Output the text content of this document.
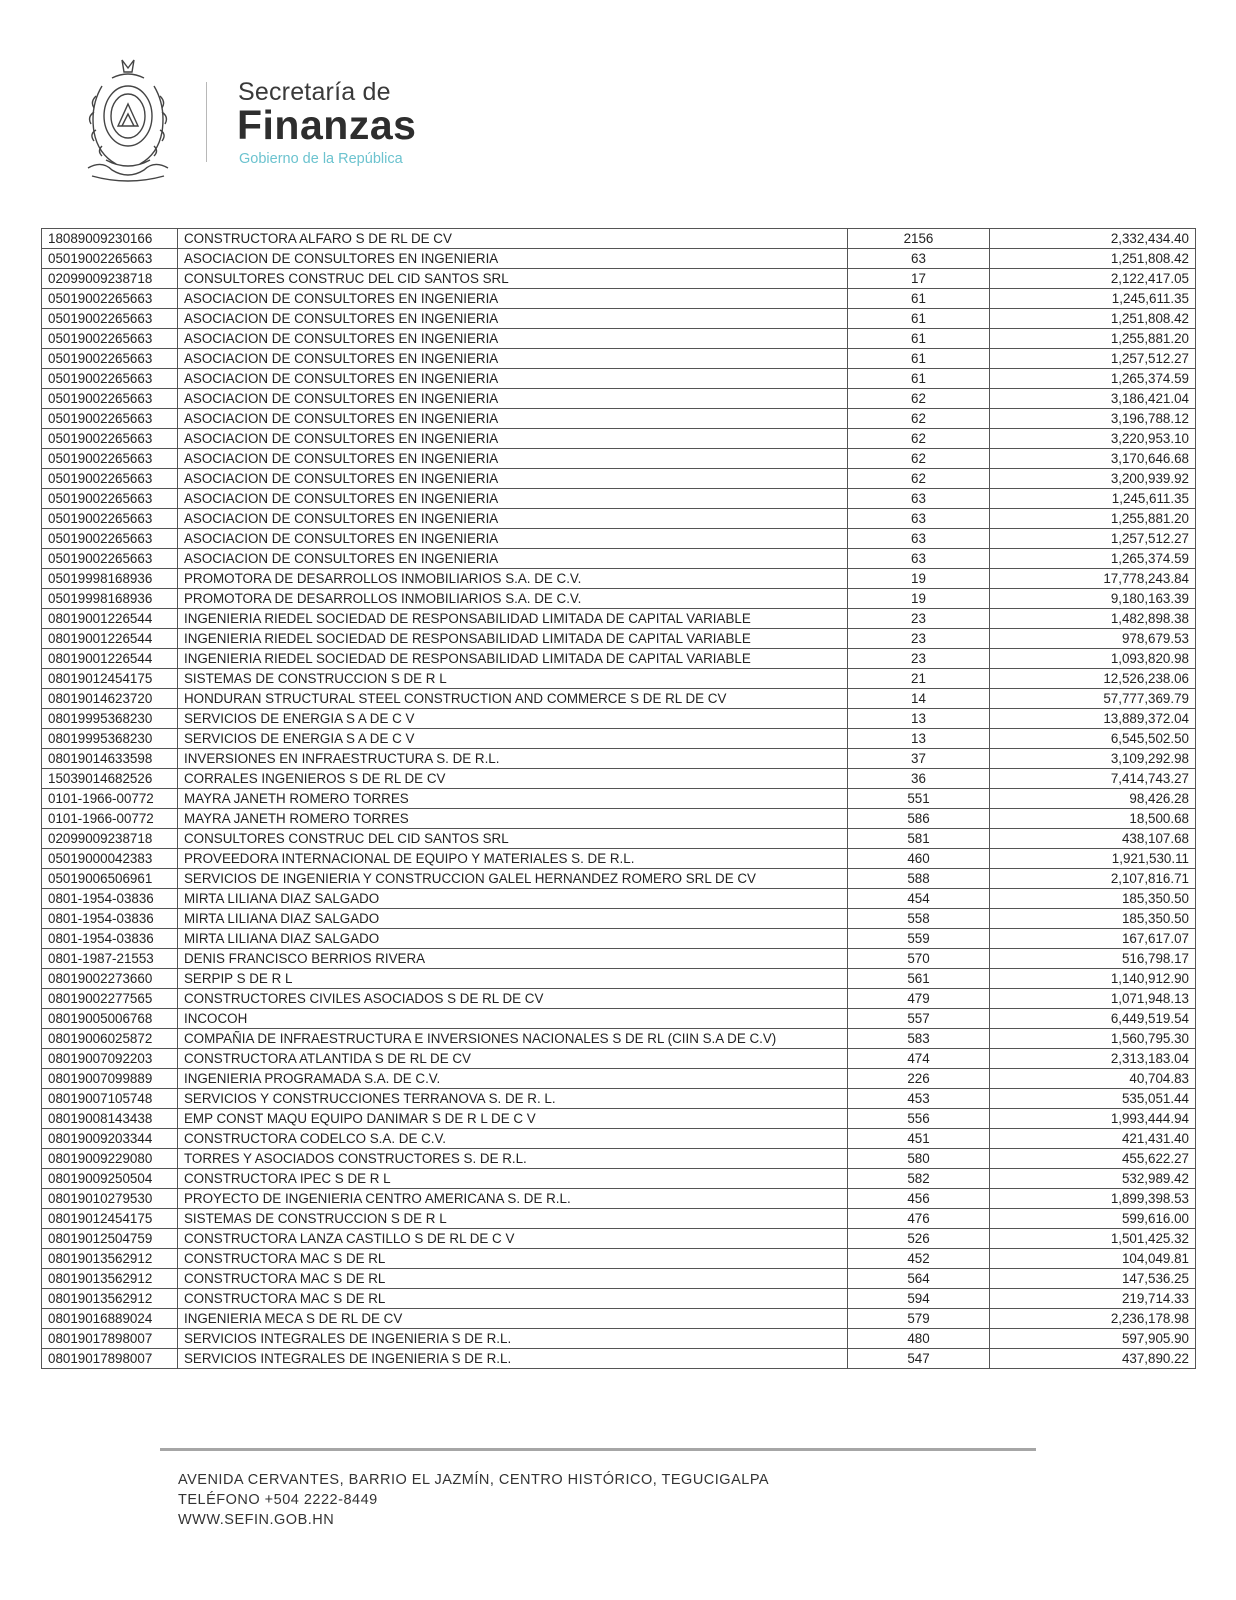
Secretaría de
Finanzas
Gobierno de la República
18089009230166	CONSTRUCTORA ALFARO S DE RL DE CV	2156	2,332,434.40
05019002265663	ASOCIACION DE CONSULTORES EN INGENIERIA	63	1,251,808.42
02099009238718	CONSULTORES CONSTRUC DEL CID SANTOS SRL	17	2,122,417.05
05019002265663	ASOCIACION DE CONSULTORES EN INGENIERIA	61	1,245,611.35
05019002265663	ASOCIACION DE CONSULTORES EN INGENIERIA	61	1,251,808.42
05019002265663	ASOCIACION DE CONSULTORES EN INGENIERIA	61	1,255,881.20
05019002265663	ASOCIACION DE CONSULTORES EN INGENIERIA	61	1,257,512.27
05019002265663	ASOCIACION DE CONSULTORES EN INGENIERIA	61	1,265,374.59
05019002265663	ASOCIACION DE CONSULTORES EN INGENIERIA	62	3,186,421.04
05019002265663	ASOCIACION DE CONSULTORES EN INGENIERIA	62	3,196,788.12
05019002265663	ASOCIACION DE CONSULTORES EN INGENIERIA	62	3,220,953.10
05019002265663	ASOCIACION DE CONSULTORES EN INGENIERIA	62	3,170,646.68
05019002265663	ASOCIACION DE CONSULTORES EN INGENIERIA	62	3,200,939.92
05019002265663	ASOCIACION DE CONSULTORES EN INGENIERIA	63	1,245,611.35
05019002265663	ASOCIACION DE CONSULTORES EN INGENIERIA	63	1,255,881.20
05019002265663	ASOCIACION DE CONSULTORES EN INGENIERIA	63	1,257,512.27
05019002265663	ASOCIACION DE CONSULTORES EN INGENIERIA	63	1,265,374.59
05019998168936	PROMOTORA DE DESARROLLOS INMOBILIARIOS S.A. DE C.V.	19	17,778,243.84
05019998168936	PROMOTORA DE DESARROLLOS INMOBILIARIOS S.A. DE C.V.	19	9,180,163.39
08019001226544	INGENIERIA RIEDEL SOCIEDAD DE RESPONSABILIDAD LIMITADA DE CAPITAL VARIABLE	23	1,482,898.38
08019001226544	INGENIERIA RIEDEL SOCIEDAD DE RESPONSABILIDAD LIMITADA DE CAPITAL VARIABLE	23	978,679.53
08019001226544	INGENIERIA RIEDEL SOCIEDAD DE RESPONSABILIDAD LIMITADA DE CAPITAL VARIABLE	23	1,093,820.98
08019012454175	SISTEMAS DE CONSTRUCCION S DE R L	21	12,526,238.06
08019014623720	HONDURAN STRUCTURAL STEEL CONSTRUCTION AND COMMERCE S DE RL DE CV	14	57,777,369.79
08019995368230	SERVICIOS DE ENERGIA S A DE C V	13	13,889,372.04
08019995368230	SERVICIOS DE ENERGIA S A DE C V	13	6,545,502.50
08019014633598	INVERSIONES EN INFRAESTRUCTURA S. DE R.L.	37	3,109,292.98
15039014682526	CORRALES INGENIEROS S DE RL DE CV	36	7,414,743.27
0101-1966-00772	MAYRA JANETH ROMERO TORRES	551	98,426.28
0101-1966-00772	MAYRA JANETH ROMERO TORRES	586	18,500.68
02099009238718	CONSULTORES CONSTRUC DEL CID SANTOS SRL	581	438,107.68
05019000042383	PROVEEDORA INTERNACIONAL DE EQUIPO Y MATERIALES S. DE R.L.	460	1,921,530.11
05019006506961	SERVICIOS DE INGENIERIA Y CONSTRUCCION GALEL HERNANDEZ ROMERO SRL DE CV	588	2,107,816.71
0801-1954-03836	MIRTA LILIANA DIAZ SALGADO	454	185,350.50
0801-1954-03836	MIRTA LILIANA DIAZ SALGADO	558	185,350.50
0801-1954-03836	MIRTA LILIANA DIAZ SALGADO	559	167,617.07
0801-1987-21553	DENIS FRANCISCO BERRIOS RIVERA	570	516,798.17
08019002273660	SERPIP S DE R L	561	1,140,912.90
08019002277565	CONSTRUCTORES CIVILES ASOCIADOS S DE RL DE CV	479	1,071,948.13
08019005006768	INCOCOH	557	6,449,519.54
08019006025872	COMPAÑIA DE INFRAESTRUCTURA E INVERSIONES NACIONALES S DE RL (CIIN S.A DE C.V)	583	1,560,795.30
08019007092203	CONSTRUCTORA ATLANTIDA S DE RL DE CV	474	2,313,183.04
08019007099889	INGENIERIA PROGRAMADA S.A. DE C.V.	226	40,704.83
08019007105748	SERVICIOS Y CONSTRUCCIONES TERRANOVA S. DE R. L.	453	535,051.44
08019008143438	EMP CONST MAQU EQUIPO DANIMAR S DE R L DE C V	556	1,993,444.94
08019009203344	CONSTRUCTORA CODELCO S.A. DE C.V.	451	421,431.40
08019009229080	TORRES Y ASOCIADOS CONSTRUCTORES S. DE R.L.	580	455,622.27
08019009250504	CONSTRUCTORA IPEC S DE R L	582	532,989.42
08019010279530	PROYECTO DE INGENIERIA CENTRO AMERICANA S. DE R.L.	456	1,899,398.53
08019012454175	SISTEMAS DE CONSTRUCCION S DE R L	476	599,616.00
08019012504759	CONSTRUCTORA LANZA CASTILLO S DE RL DE C V	526	1,501,425.32
08019013562912	CONSTRUCTORA MAC S DE RL	452	104,049.81
08019013562912	CONSTRUCTORA MAC S DE RL	564	147,536.25
08019013562912	CONSTRUCTORA MAC S DE RL	594	219,714.33
08019016889024	INGENIERIA MECA S DE RL DE CV	579	2,236,178.98
08019017898007	SERVICIOS INTEGRALES DE INGENIERIA S DE R.L.	480	597,905.90
08019017898007	SERVICIOS INTEGRALES DE INGENIERIA S DE R.L.	547	437,890.22
AVENIDA CERVANTES, BARRIO EL JAZMÍN, CENTRO HISTÓRICO, TEGUCIGALPA
TELÉFONO +504 2222-8449
WWW.SEFIN.GOB.HN
